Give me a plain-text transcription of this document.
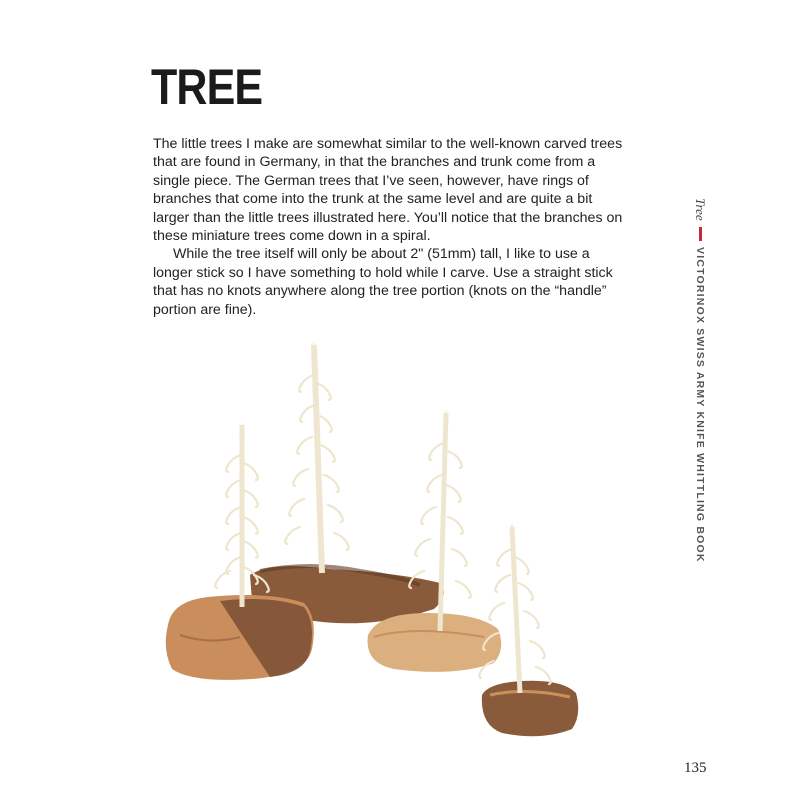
TREE

The little trees I make are somewhat similar to the well-known carved trees that are found in Germany, in that the branches and trunk come from a single piece. The German trees that I’ve seen, however, have rings of branches that come into the trunk at the same level and are quite a bit larger than the little trees illustrated here. You’ll notice that the branches on these miniature trees come down in a spiral.

While the tree itself will only be about 2" (51mm) tall, I like to use a longer stick so I have something to hold while I carve. Use a straight stick that has no knots anywhere along the tree portion (knots on the “handle” portion are fine).

Tree
VICTORINOX SWISS ARMY KNIFE WHITTLING BOOK
135
